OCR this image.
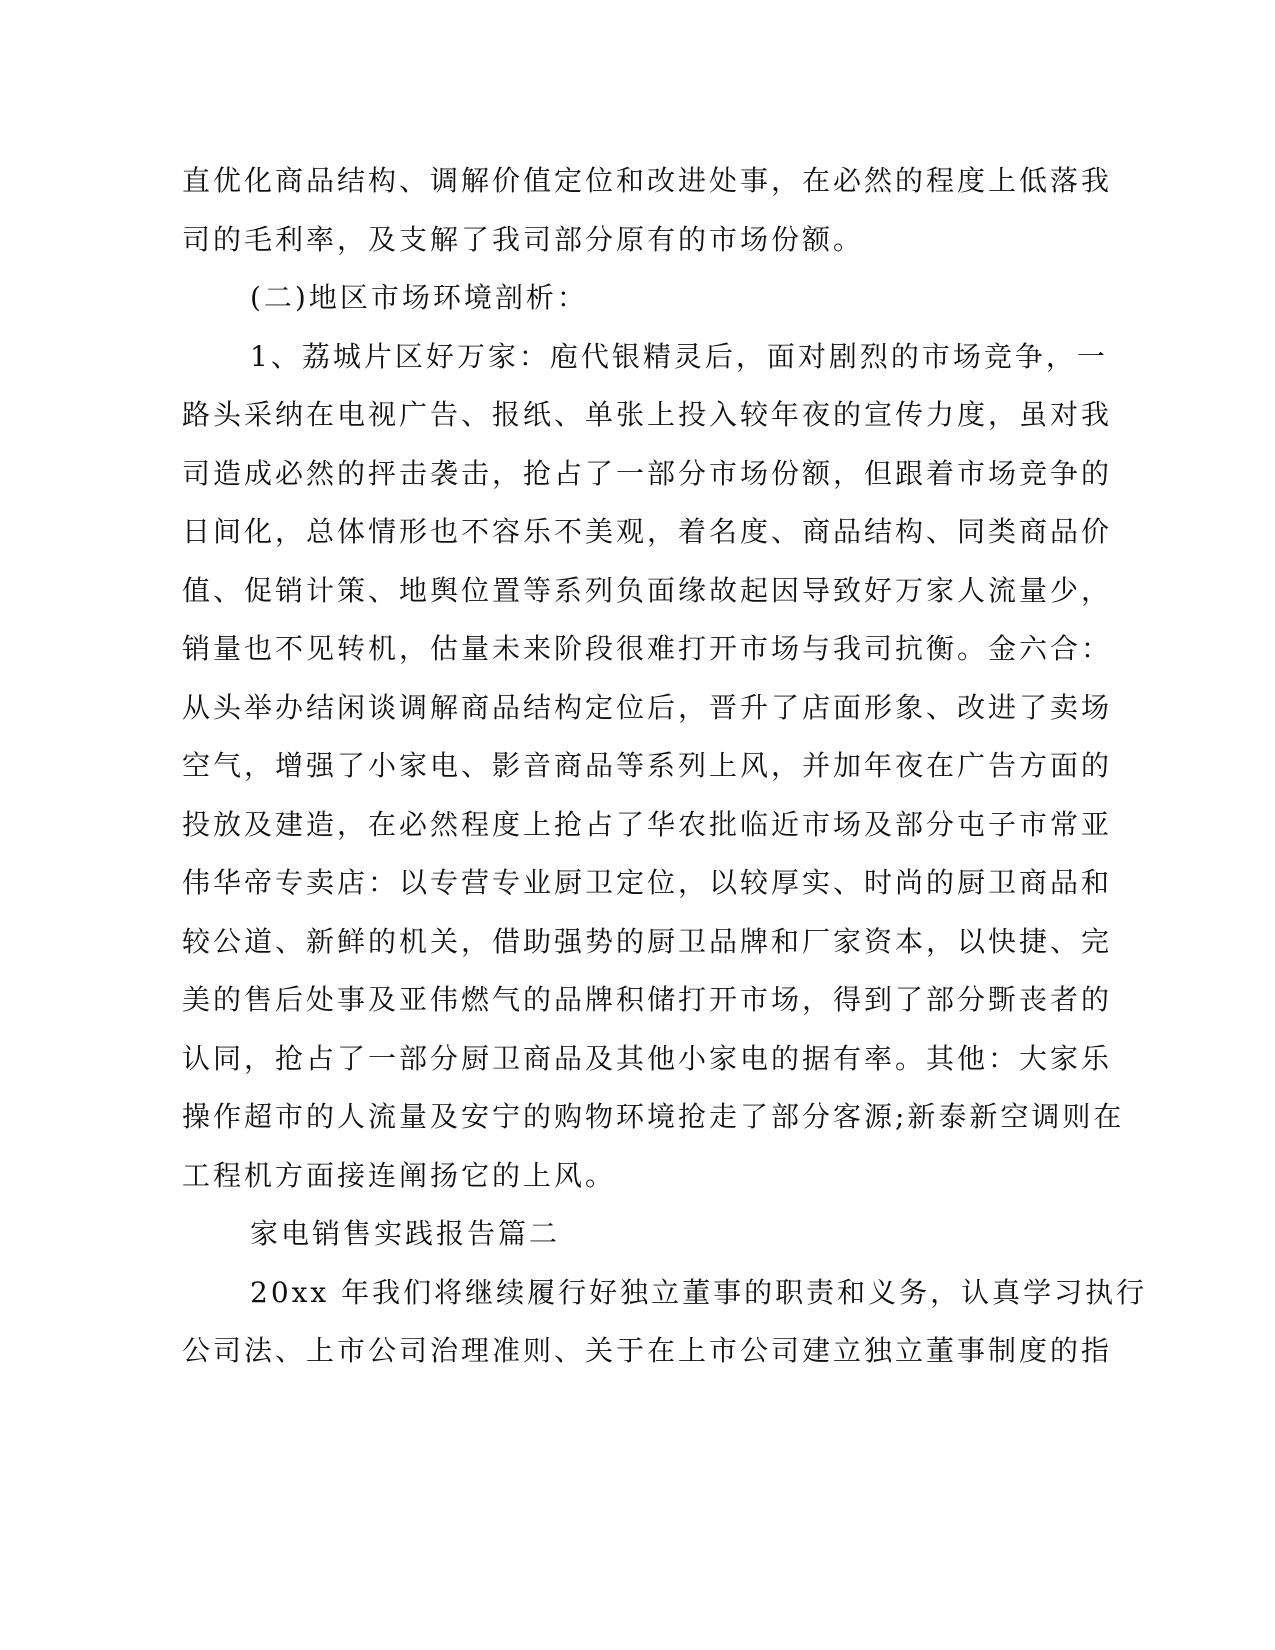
直优化商品结构、调解价值定位和改进处事，在必然的程度上低落我
司的毛利率，及支解了我司部分原有的市场份额。
(二)地区市场环境剖析：
1、荔城片区好万家：庖代银精灵后，面对剧烈的市场竞争，一
路头采纳在电视广告、报纸、单张上投入较年夜的宣传力度，虽对我
司造成必然的抨击袭击，抢占了一部分市场份额，但跟着市场竞争的
日间化，总体情形也不容乐不美观，着名度、商品结构、同类商品价
值、促销计策、地舆位置等系列负面缘故起因导致好万家人流量少，
销量也不见转机，估量未来阶段很难打开市场与我司抗衡。金六合：
从头举办结闲谈调解商品结构定位后，晋升了店面形象、改进了卖场
空气，增强了小家电、影音商品等系列上风，并加年夜在广告方面的
投放及建造，在必然程度上抢占了华农批临近市场及部分屯子市常亚
伟华帝专卖店：以专营专业厨卫定位，以较厚实、时尚的厨卫商品和
较公道、新鲜的机关，借助强势的厨卫品牌和厂家资本，以快捷、完
美的售后处事及亚伟燃气的品牌积储打开市场，得到了部分斲丧者的
认同，抢占了一部分厨卫商品及其他小家电的据有率。其他：大家乐
操作超市的人流量及安宁的购物环境抢走了部分客源;新泰新空调则在
工程机方面接连阐扬它的上风。
家电销售实践报告篇二
20xx 年我们将继续履行好独立董事的职责和义务，认真学习执行
公司法、上市公司治理准则、关于在上市公司建立独立董事制度的指
